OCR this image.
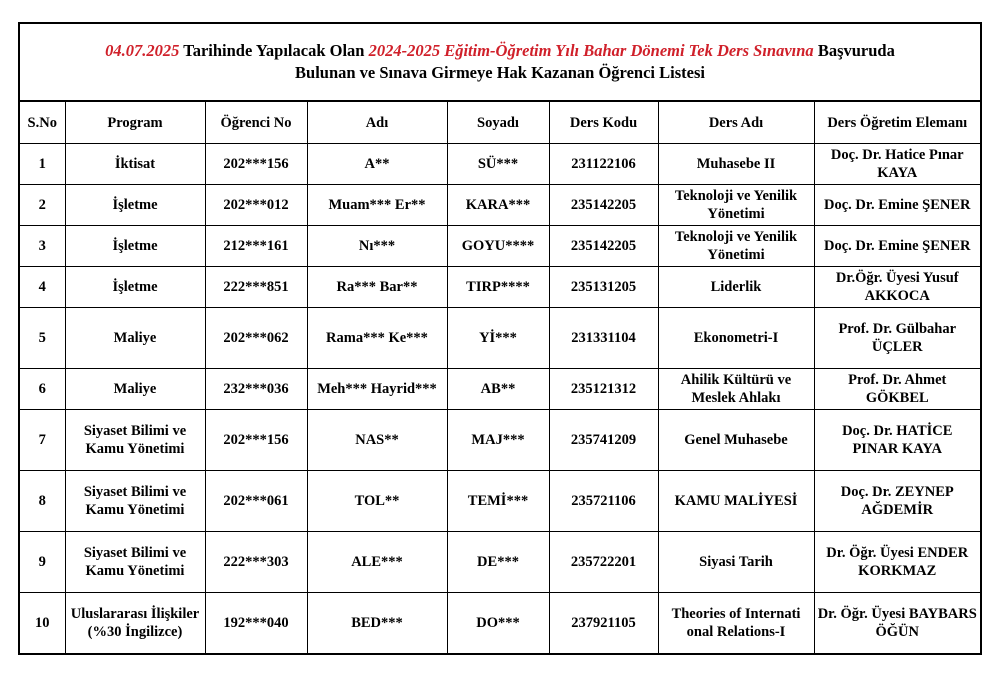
04.07.2025 Tarihinde Yapılacak Olan 2024-2025 Eğitim-Öğretim Yılı Bahar Dönemi Tek Ders Sınavına Başvuruda
Bulunan ve Sınava Girmeye Hak Kazanan Öğrenci Listesi
S.No	Program	Öğrenci No	Adı	Soyadı	Ders Kodu	Ders Adı	Ders Öğretim Elemanı
1	İktisat	202***156	A**	SÜ***	231122106	Muhasebe II	Doç. Dr. Hatice Pınar KAYA
2	İşletme	202***012	Muam*** Er**	KARA***	235142205	Teknoloji ve Yenilik Yönetimi	Doç. Dr. Emine ŞENER
3	İşletme	212***161	Nı***	GOYU****	235142205	Teknoloji ve Yenilik Yönetimi	Doç. Dr. Emine ŞENER
4	İşletme	222***851	Ra*** Bar**	TIRP****	235131205	Liderlik	Dr.Öğr. Üyesi Yusuf AKKOCA
5	Maliye	202***062	Rama*** Ke***	Yİ***	231331104	Ekonometri-I	Prof. Dr. Gülbahar ÜÇLER
6	Maliye	232***036	Meh*** Hayrid***	AB**	235121312	Ahilik Kültürü ve Meslek Ahlakı	Prof. Dr. Ahmet GÖKBEL
7	Siyaset Bilimi ve Kamu Yönetimi	202***156	NAS**	MAJ***	235741209	Genel Muhasebe	Doç. Dr. HATİCE PINAR KAYA
8	Siyaset Bilimi ve Kamu Yönetimi	202***061	TOL**	TEMİ***	235721106	KAMU MALİYESİ	Doç. Dr. ZEYNEP AĞDEMİR
9	Siyaset Bilimi ve Kamu Yönetimi	222***303	ALE***	DE***	235722201	Siyasi Tarih	Dr. Öğr. Üyesi ENDER KORKMAZ
10	Uluslararası İlişkiler (%30 İngilizce)	192***040	BED***	DO***	237921105	Theories of Internati onal Relations-I	Dr. Öğr. Üyesi BAYBARS ÖĞÜN
